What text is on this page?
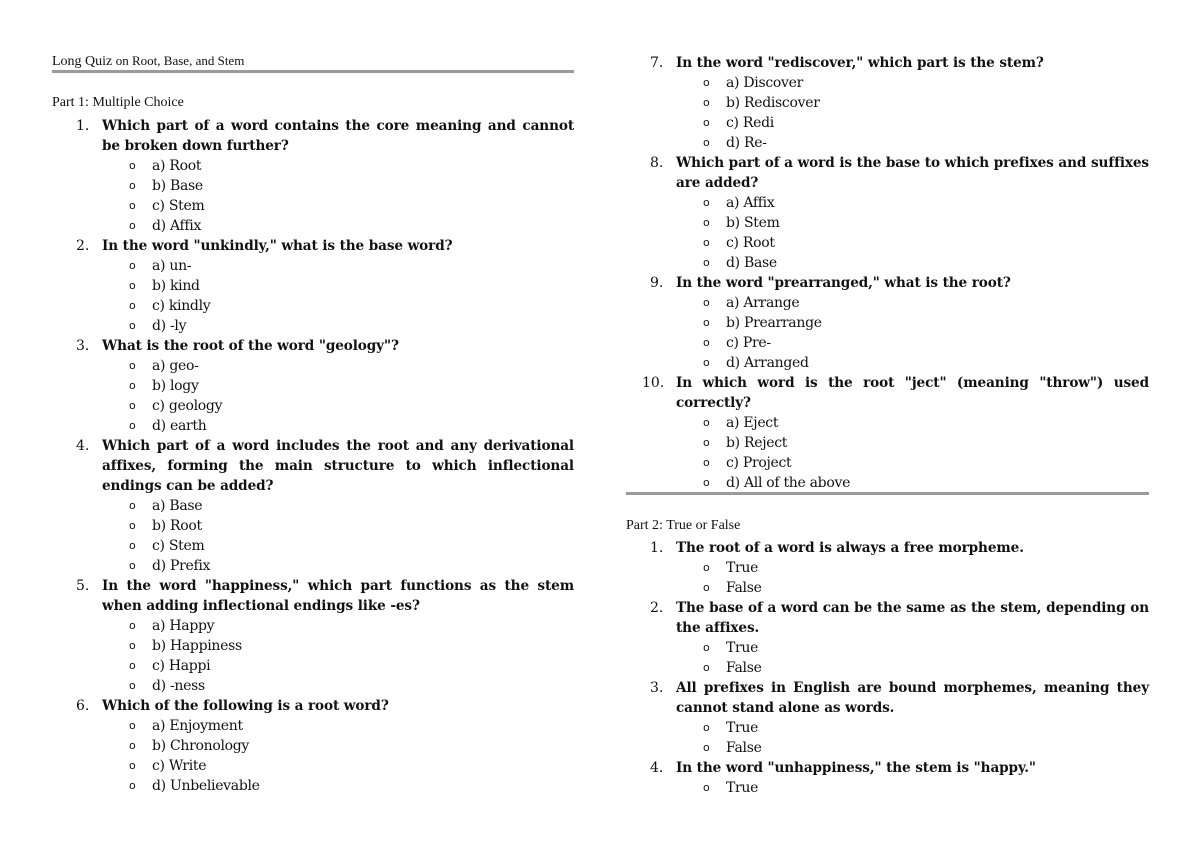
Long Quiz on Root, Base, and Stem
Part 1: Multiple Choice
1. Which part of a word contains the core meaning and cannot be broken down further?
o a) Root
o b) Base
o c) Stem
o d) Affix
2. In the word "unkindly," what is the base word?
o a) un-
o b) kind
o c) kindly
o d) -ly
3. What is the root of the word "geology"?
o a) geo-
o b) logy
o c) geology
o d) earth
4. Which part of a word includes the root and any derivational affixes, forming the main structure to which inflectional endings can be added?
o a) Base
o b) Root
o c) Stem
o d) Prefix
5. In the word "happiness," which part functions as the stem when adding inflectional endings like -es?
o a) Happy
o b) Happiness
o c) Happi
o d) -ness
6. Which of the following is a root word?
o a) Enjoyment
o b) Chronology
o c) Write
o d) Unbelievable
7. In the word "rediscover," which part is the stem?
o a) Discover
o b) Rediscover
o c) Redi
o d) Re-
8. Which part of a word is the base to which prefixes and suffixes are added?
o a) Affix
o b) Stem
o c) Root
o d) Base
9. In the word "prearranged," what is the root?
o a) Arrange
o b) Prearrange
o c) Pre-
o d) Arranged
10. In which word is the root "ject" (meaning "throw") used correctly?
o a) Eject
o b) Reject
o c) Project
o d) All of the above
Part 2: True or False
1. The root of a word is always a free morpheme.
o True
o False
2. The base of a word can be the same as the stem, depending on the affixes.
o True
o False
3. All prefixes in English are bound morphemes, meaning they cannot stand alone as words.
o True
o False
4. In the word "unhappiness," the stem is "happy."
o True
